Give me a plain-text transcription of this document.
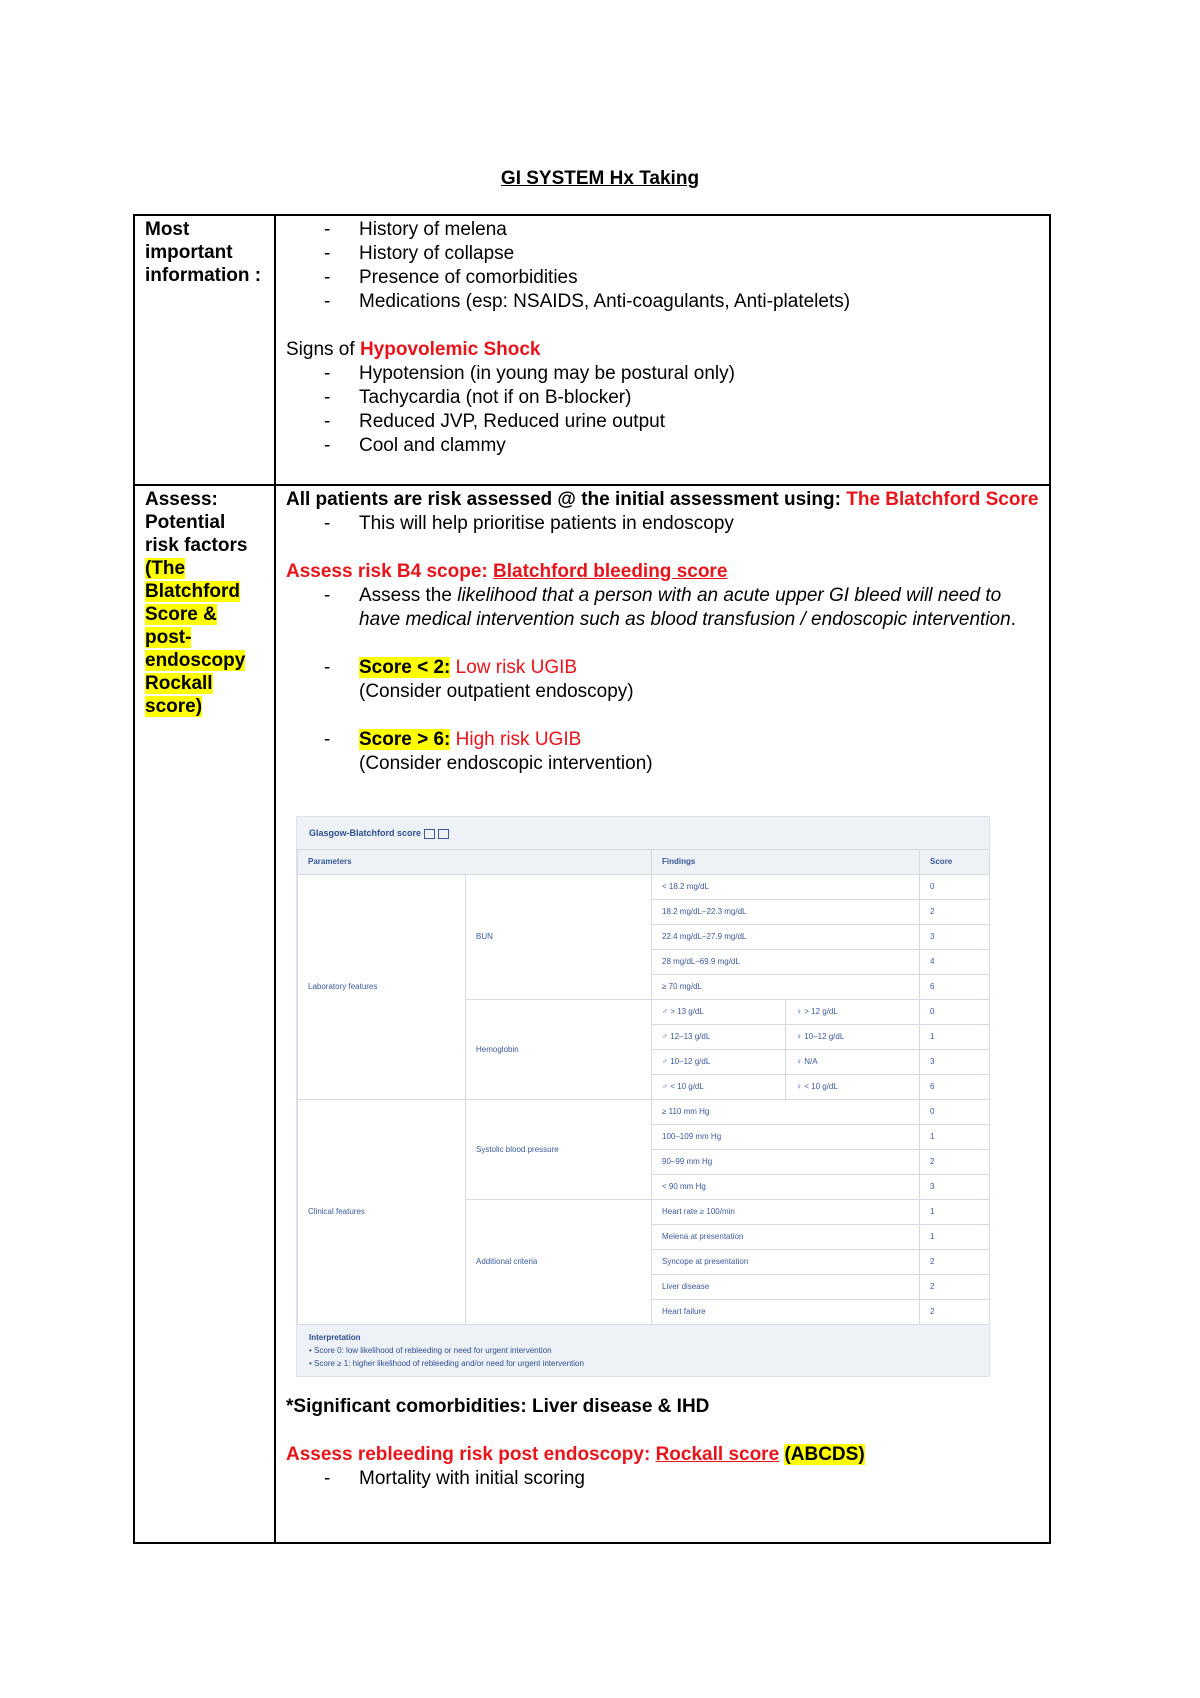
GI SYSTEM Hx Taking
Most important information :

-	History of melena
-	History of collapse
-	Presence of comorbidities
-	Medications (esp: NSAIDS, Anti-coagulants, Anti-platelets)
Signs of Hypovolemic Shock
-	Hypotension (in young may be postural only)
-	Tachycardia (not if on B-blocker)
-	Reduced JVP, Reduced urine output
-	Cool and clammy

Assess: Potential risk factors (The Blatchford Score & post-endoscopy Rockall score)

All patients are risk assessed @ the initial assessment using: The Blatchford Score
-	This will help prioritise patients in endoscopy
Assess risk B4 scope: Blatchford bleeding score
-	Assess the likelihood that a person with an acute upper GI bleed will need to have medical intervention such as blood transfusion / endoscopic intervention.
-	Score < 2: Low risk UGIB
(Consider outpatient endoscopy)
-	Score > 6: High risk UGIB
(Consider endoscopic intervention)
Glasgow-Blatchford score
Parameters	Findings	Score
Laboratory features	BUN	< 18.2 mg/dL	0
18.2 mg/dL–22.3 mg/dL	2
22.4 mg/dL–27.9 mg/dL	3
28 mg/dL–69.9 mg/dL	4
≥ 70 mg/dL	6
Hemoglobin	♂ > 13 g/dL	♀ > 12 g/dL	0
♂ 12–13 g/dL	♀ 10–12 g/dL	1
♂ 10–12 g/dL	♀ N/A	3
♂ < 10 g/dL	♀ < 10 g/dL	6
Clinical features	Systolic blood pressure	≥ 110 mm Hg	0
100–109 mm Hg	1
90–99 mm Hg	2
< 90 mm Hg	3
Additional criteria	Heart rate ≥ 100/min	1
Melena at presentation	1
Syncope at presentation	2
Liver disease	2
Heart failure	2
Interpretation
• Score 0: low likelihood of rebleeding or need for urgent intervention
• Score ≥ 1: higher likelihood of rebleeding and/or need for urgent intervention
*Significant comorbidities: Liver disease & IHD
Assess rebleeding risk post endoscopy: Rockall score (ABCDS)
-	Mortality with initial scoring
